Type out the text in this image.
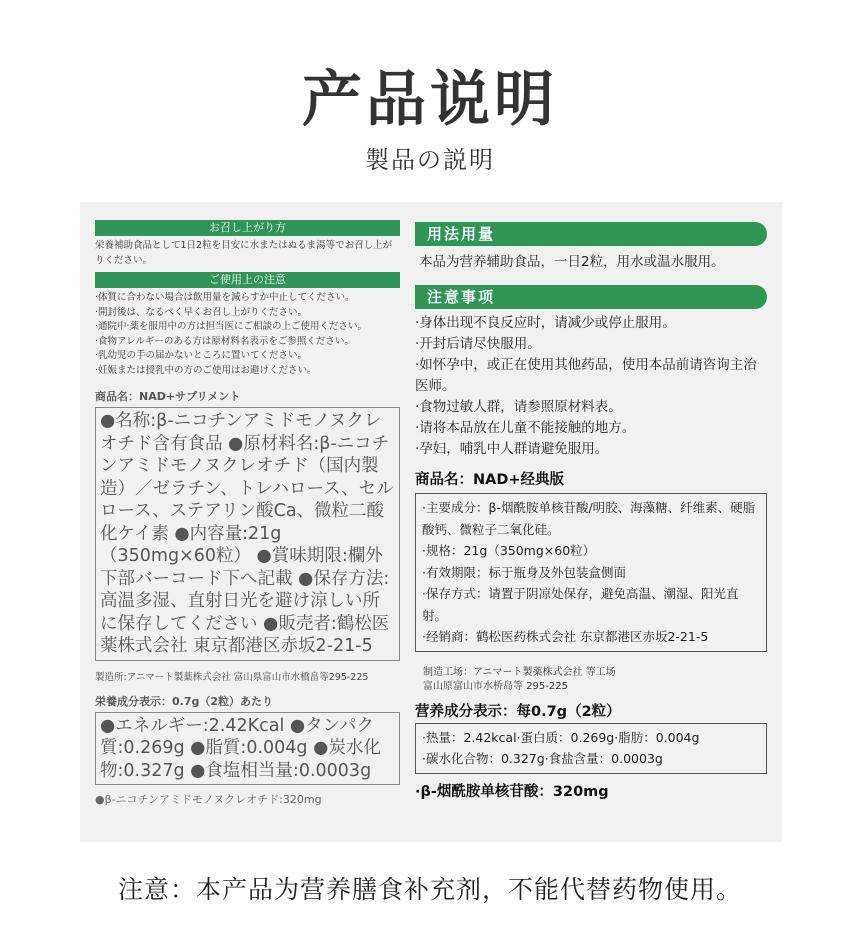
产品说明
製品の説明
お召し上がり方
栄養補助食品として1日2粒を目安に水またはぬるま湯等でお召し上がりください。
ご使用上の注意
·体質に合わない場合は飲用量を減らすか中止してください。
·開封後は、なるべく早くお召し上がりください。
·通院中·薬を服用中の方は担当医にご相談の上ご使用ください。
·食物アレルギーのある方は原材料名表示をご参照ください。
·乳幼児の手の届かないところに置いてください。
·妊娠または授乳中の方のご使用はお避けください。
商品名：NAD+サプリメント
●名称:β-ニコチンアミドモノヌクレオチド含有食品 ●原材料名:β-ニコチンアミドモノヌクレオチド（国内製造）／ゼラチン、トレハロース、セルロース、ステアリン酸Ca、微粒二酸化ケイ素 ●内容量:21g（350mg×60粒） ●賞味期限:欄外下部バーコード下へ記載 ●保存方法:高温多湿、直射日光を避け涼しい所に保存してください ●販売者:鶴松医薬株式会社 東京都港区赤坂2-21-5
製造所:アニマート製薬株式会社 富山県富山市水橋畠等295-225
栄養成分表示：0.7g（2粒）あたり
●エネルギー:2.42Kcal ●タンパク質:0.269g ●脂質:0.004g ●炭水化物:0.327g ●食塩相当量:0.0003g
●β-ニコチンアミドモノヌクレオチド:320mg
用法用量
本品为营养辅助食品，一日2粒，用水或温水服用。
注意事项
·身体出现不良反应时，请减少或停止服用。
·开封后请尽快服用。
·如怀孕中，或正在使用其他药品，使用本品前请咨询主治医师。
·食物过敏人群，请参照原材料表。
·请将本品放在儿童不能接触的地方。
·孕妇，哺乳中人群请避免服用。
商品名：NAD+经典版
·主要成分：β-烟酰胺单核苷酸/明胶、海藻糖、纤维素、硬脂酸钙、微粒子二氧化硅。
·规格：21g（350mg×60粒）
·有效期限：标于瓶身及外包装盒侧面
·保存方式：请置于阴凉处保存，避免高温、潮湿、阳光直射。
·经销商：鹤松医药株式会社 东京都港区赤坂2-21-5
制造工场：アニマート製薬株式会社 等工场
富山原富山市水桥岛等 295-225
营养成分表示：每0.7g（2粒）
·热量：2.42kcal·蛋白质：0.269g·脂肪：0.004g
·碳水化合物：0.327g·食盐含量：0.0003g
·β-烟酰胺单核苷酸：320mg
注意：本产品为营养膳食补充剂，不能代替药物使用。
